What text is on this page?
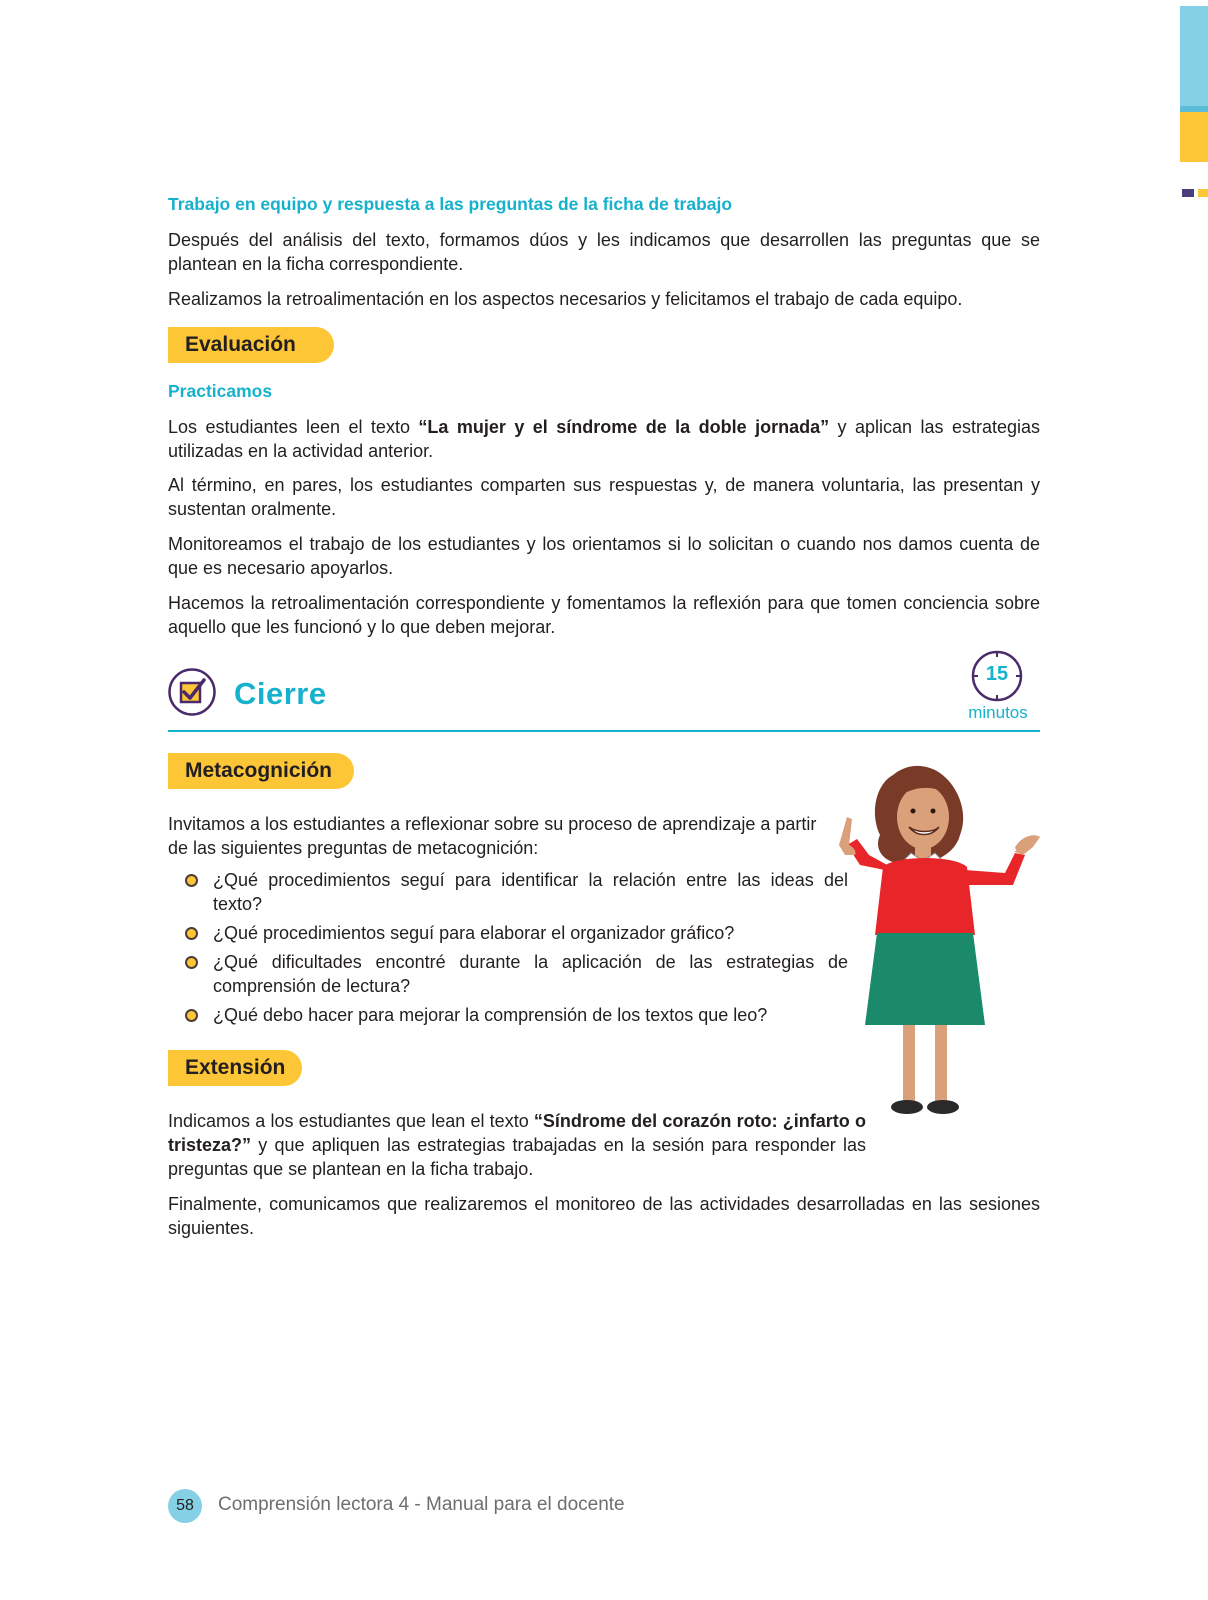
Trabajo en equipo y respuesta a las preguntas de la ficha de trabajo

Después del análisis del texto, formamos dúos y les indicamos que desarrollen las preguntas que se plantean en la ficha correspondiente.

Realizamos la retroalimentación en los aspectos necesarios y felicitamos el trabajo de cada equipo.

Evaluación
Practicamos

Los estudiantes leen el texto “La mujer y el síndrome de la doble jornada” y aplican las estrategias utilizadas en la actividad anterior.

Al término, en pares, los estudiantes comparten sus respuestas y, de manera voluntaria, las presentan y sustentan oralmente.

Monitoreamos el trabajo de los estudiantes y los orientamos si lo solicitan o cuando nos damos cuenta de que es necesario apoyarlos.

Hacemos la retroalimentación correspondiente y fomentamos la reflexión para que tomen conciencia sobre aquello que les funcionó y lo que deben mejorar.

Cierre
15
minutos
Metacognición

Invitamos a los estudiantes a reflexionar sobre su proceso de aprendizaje a partir de las siguientes preguntas de metacognición:

¿Qué procedimientos seguí para identificar la relación entre las ideas del texto?
¿Qué procedimientos seguí para elaborar el organizador gráfico?
¿Qué dificultades encontré durante la aplicación de las estrategias de comprensión de lectura?
¿Qué debo hacer para mejorar la comprensión de los textos que leo?
Extensión

Indicamos a los estudiantes que lean el texto “Síndrome del corazón roto: ¿infarto o tristeza?” y que apliquen las estrategias trabajadas en la sesión para responder las preguntas que se plantean en la ficha trabajo.

Finalmente, comunicamos que realizaremos el monitoreo de las actividades desarrolladas en las sesiones siguientes.

58	Comprensión lectora 4 - Manual para el docente
